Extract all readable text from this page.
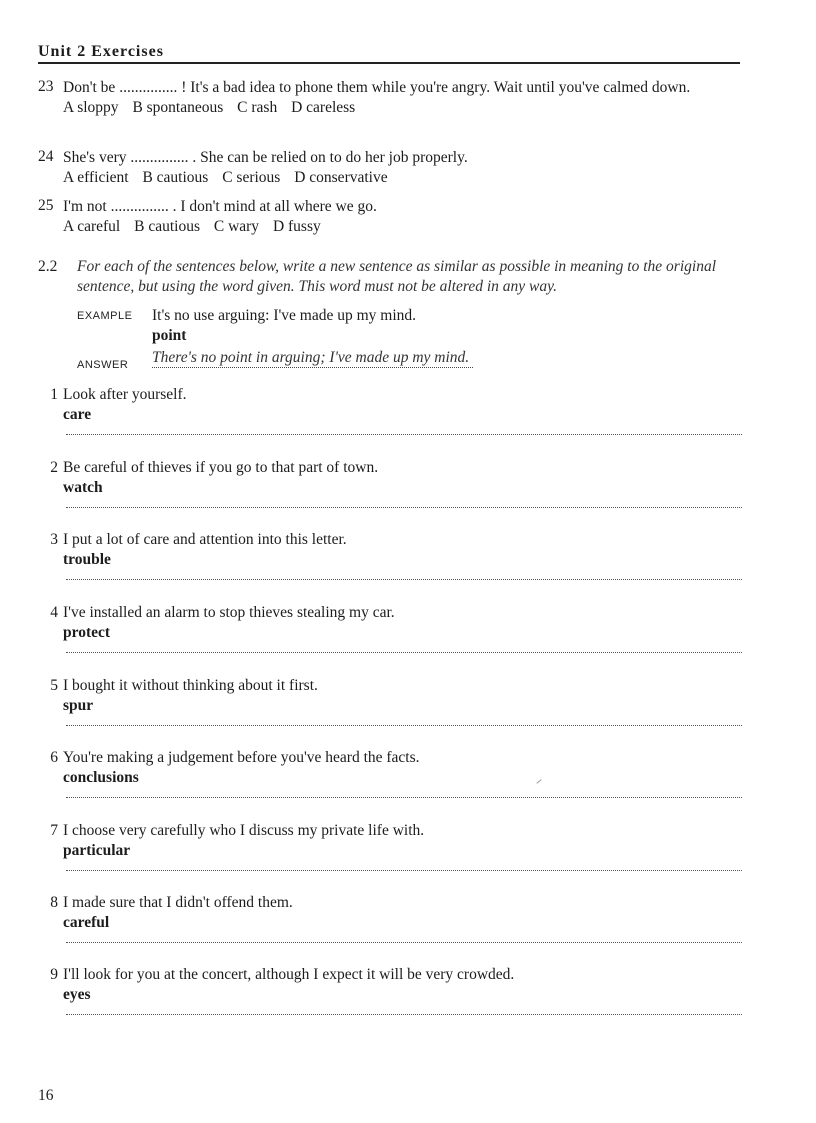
Unit 2 Exercises
23 Don't be ............... ! It's a bad idea to phone them while you're angry. Wait until you've calmed down.
A sloppy B spontaneous C rash D careless
24 She's very ............... . She can be relied on to do her job properly.
A efficient B cautious C serious D conservative
25 I'm not ............... . I don't mind at all where we go.
A careful B cautious C wary D fussy
2.2	For each of the sentences below, write a new sentence as similar as possible in meaning to the original sentence, but using the word given. This word must not be altered in any way.
EXAMPLE It's no use arguing: I've made up my mind.
point
ANSWER There's no point in arguing; I've made up my mind.
1 Look after yourself.
care
2 Be careful of thieves if you go to that part of town.
watch
3 I put a lot of care and attention into this letter.
trouble
4 I've installed an alarm to stop thieves stealing my car.
protect
5 I bought it without thinking about it first.
spur
6 You're making a judgement before you've heard the facts.
conclusions
7 I choose very carefully who I discuss my private life with.
particular
8 I made sure that I didn't offend them.
careful
9 I'll look for you at the concert, although I expect it will be very crowded.
eyes
16
